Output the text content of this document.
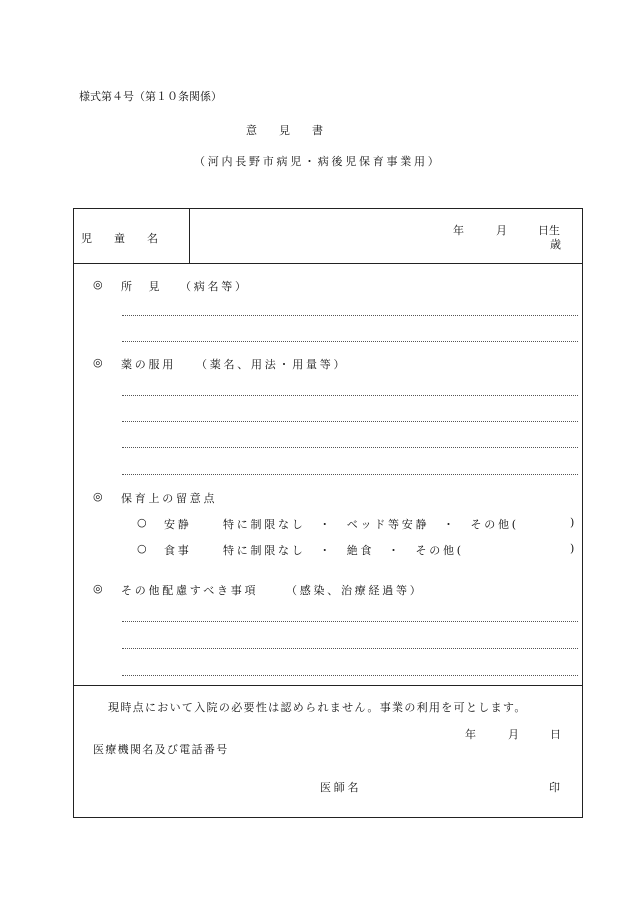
様式第４号（第１０条関係）
意　　見　　書
（河内長野市病児・病後児保育事業用）
児　　童　　名
年	月	日生
歳
◎ 所　見 （病名等）
◎ 薬の服用 （薬名、用法・用量等）
◎ 保育上の留意点
○ 安静	特に制限なし　・　ベッド等安静　・　その他(	)
○ 食事	特に制限なし　・　絶食　・　その他(	)
◎ その他配慮すべき事項	（感染、治療経過等）
現時点において入院の必要性は認められません。事業の利用を可とします。
年	月	日
医療機関名及び電話番号
医師名	印
